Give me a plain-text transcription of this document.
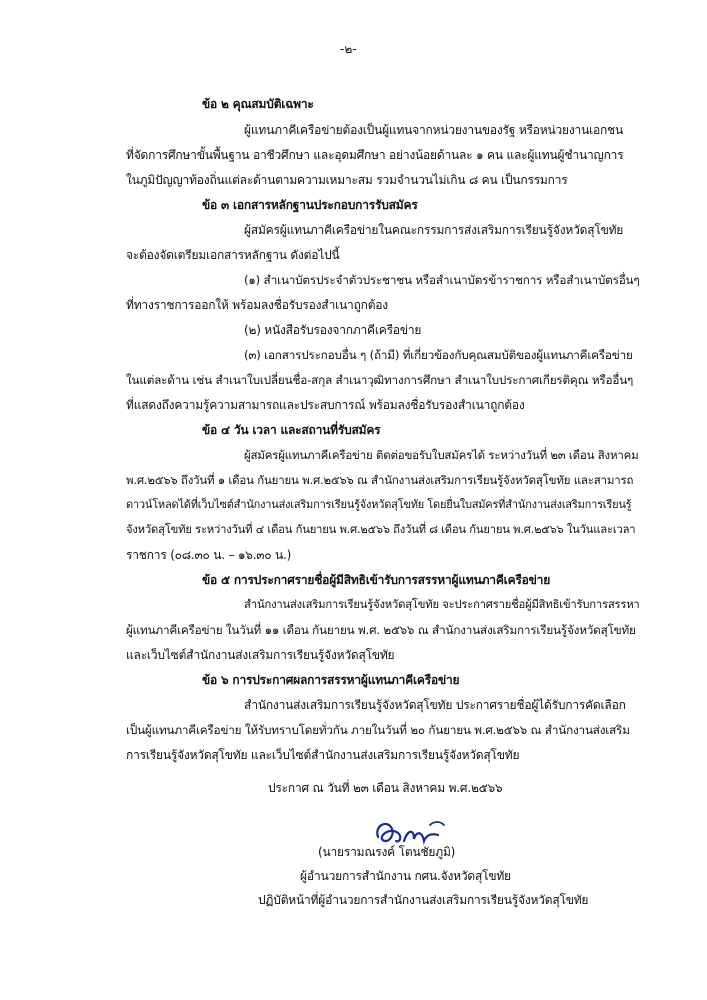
-๒-
ข้อ ๒ คุณสมบัติเฉพาะ
ผู้แทนภาคีเครือข่ายต้องเป็นผู้แทนจากหน่วยงานของรัฐ หรือหน่วยงานเอกชน
ที่จัดการศึกษาขั้นพื้นฐาน อาชีวศึกษา และอุดมศึกษา อย่างน้อยด้านละ ๑ คน และผู้แทนผู้ชำนาญการ
ในภูมิปัญญาท้องถิ่นแต่ละด้านตามความเหมาะสม รวมจำนวนไม่เกิน ๘ คน เป็นกรรมการ
ข้อ ๓ เอกสารหลักฐานประกอบการรับสมัคร
ผู้สมัครผู้แทนภาคีเครือข่ายในคณะกรรมการส่งเสริมการเรียนรู้จังหวัดสุโขทัย
จะต้องจัดเตรียมเอกสารหลักฐาน ดังต่อไปนี้
(๑) สำเนาบัตรประจำตัวประชาชน หรือสำเนาบัตรข้าราชการ หรือสำเนาบัตรอื่นๆ
ที่ทางราชการออกให้ พร้อมลงชื่อรับรองสำเนาถูกต้อง
(๒) หนังสือรับรองจากภาคีเครือข่าย
(๓) เอกสารประกอบอื่น ๆ (ถ้ามี) ที่เกี่ยวข้องกับคุณสมบัติของผู้แทนภาคีเครือข่าย
ในแต่ละด้าน เช่น สำเนาใบเปลี่ยนชื่อ-สกุล สำเนาวุฒิทางการศึกษา สำเนาใบประกาศเกียรติคุณ หรืออื่นๆ
ที่แสดงถึงความรู้ความสามารถและประสบการณ์ พร้อมลงชื่อรับรองสำเนาถูกต้อง
ข้อ ๔ วัน เวลา และสถานที่รับสมัคร
ผู้สมัครผู้แทนภาคีเครือข่าย ติดต่อขอรับใบสมัครได้ ระหว่างวันที่ ๒๓ เดือน สิงหาคม
พ.ศ.๒๕๖๖ ถึงวันที่ ๑ เดือน กันยายน พ.ศ.๒๕๖๖ ณ สำนักงานส่งเสริมการเรียนรู้จังหวัดสุโขทัย และสามารถ
ดาวน์โหลดได้ที่เว็บไซต์สำนักงานส่งเสริมการเรียนรู้จังหวัดสุโขทัย โดยยื่นใบสมัครที่สำนักงานส่งเสริมการเรียนรู้
จังหวัดสุโขทัย ระหว่างวันที่ ๔ เดือน กันยายน พ.ศ.๒๕๖๖ ถึงวันที่ ๘ เดือน กันยายน พ.ศ.๒๕๖๖ ในวันและเวลา
ราชการ (๐๘.๓๐ น. – ๑๖.๓๐ น.)
ข้อ ๕ การประกาศรายชื่อผู้มีสิทธิเข้ารับการสรรหาผู้แทนภาคีเครือข่าย
สำนักงานส่งเสริมการเรียนรู้จังหวัดสุโขทัย จะประกาศรายชื่อผู้มีสิทธิเข้ารับการสรรหา
ผู้แทนภาคีเครือข่าย ในวันที่ ๑๑ เดือน กันยายน พ.ศ. ๒๕๖๖ ณ สำนักงานส่งเสริมการเรียนรู้จังหวัดสุโขทัย
และเว็บไซต์สำนักงานส่งเสริมการเรียนรู้จังหวัดสุโขทัย
ข้อ ๖ การประกาศผลการสรรหาผู้แทนภาคีเครือข่าย
สำนักงานส่งเสริมการเรียนรู้จังหวัดสุโขทัย ประกาศรายชื่อผู้ได้รับการคัดเลือก
เป็นผู้แทนภาคีเครือข่าย ให้รับทราบโดยทั่วกัน ภายในวันที่ ๒๐ กันยายน พ.ศ.๒๕๖๖ ณ สำนักงานส่งเสริม
การเรียนรู้จังหวัดสุโขทัย และเว็บไซต์สำนักงานส่งเสริมการเรียนรู้จังหวัดสุโขทัย
ประกาศ ณ วันที่ ๒๓ เดือน สิงหาคม พ.ศ.๒๕๖๖
(นายรามณรงค์ โตนชัยภูมิ)
ผู้อำนวยการสำนักงาน กศน.จังหวัดสุโขทัย
ปฏิบัติหน้าที่ผู้อำนวยการสำนักงานส่งเสริมการเรียนรู้จังหวัดสุโขทัย
